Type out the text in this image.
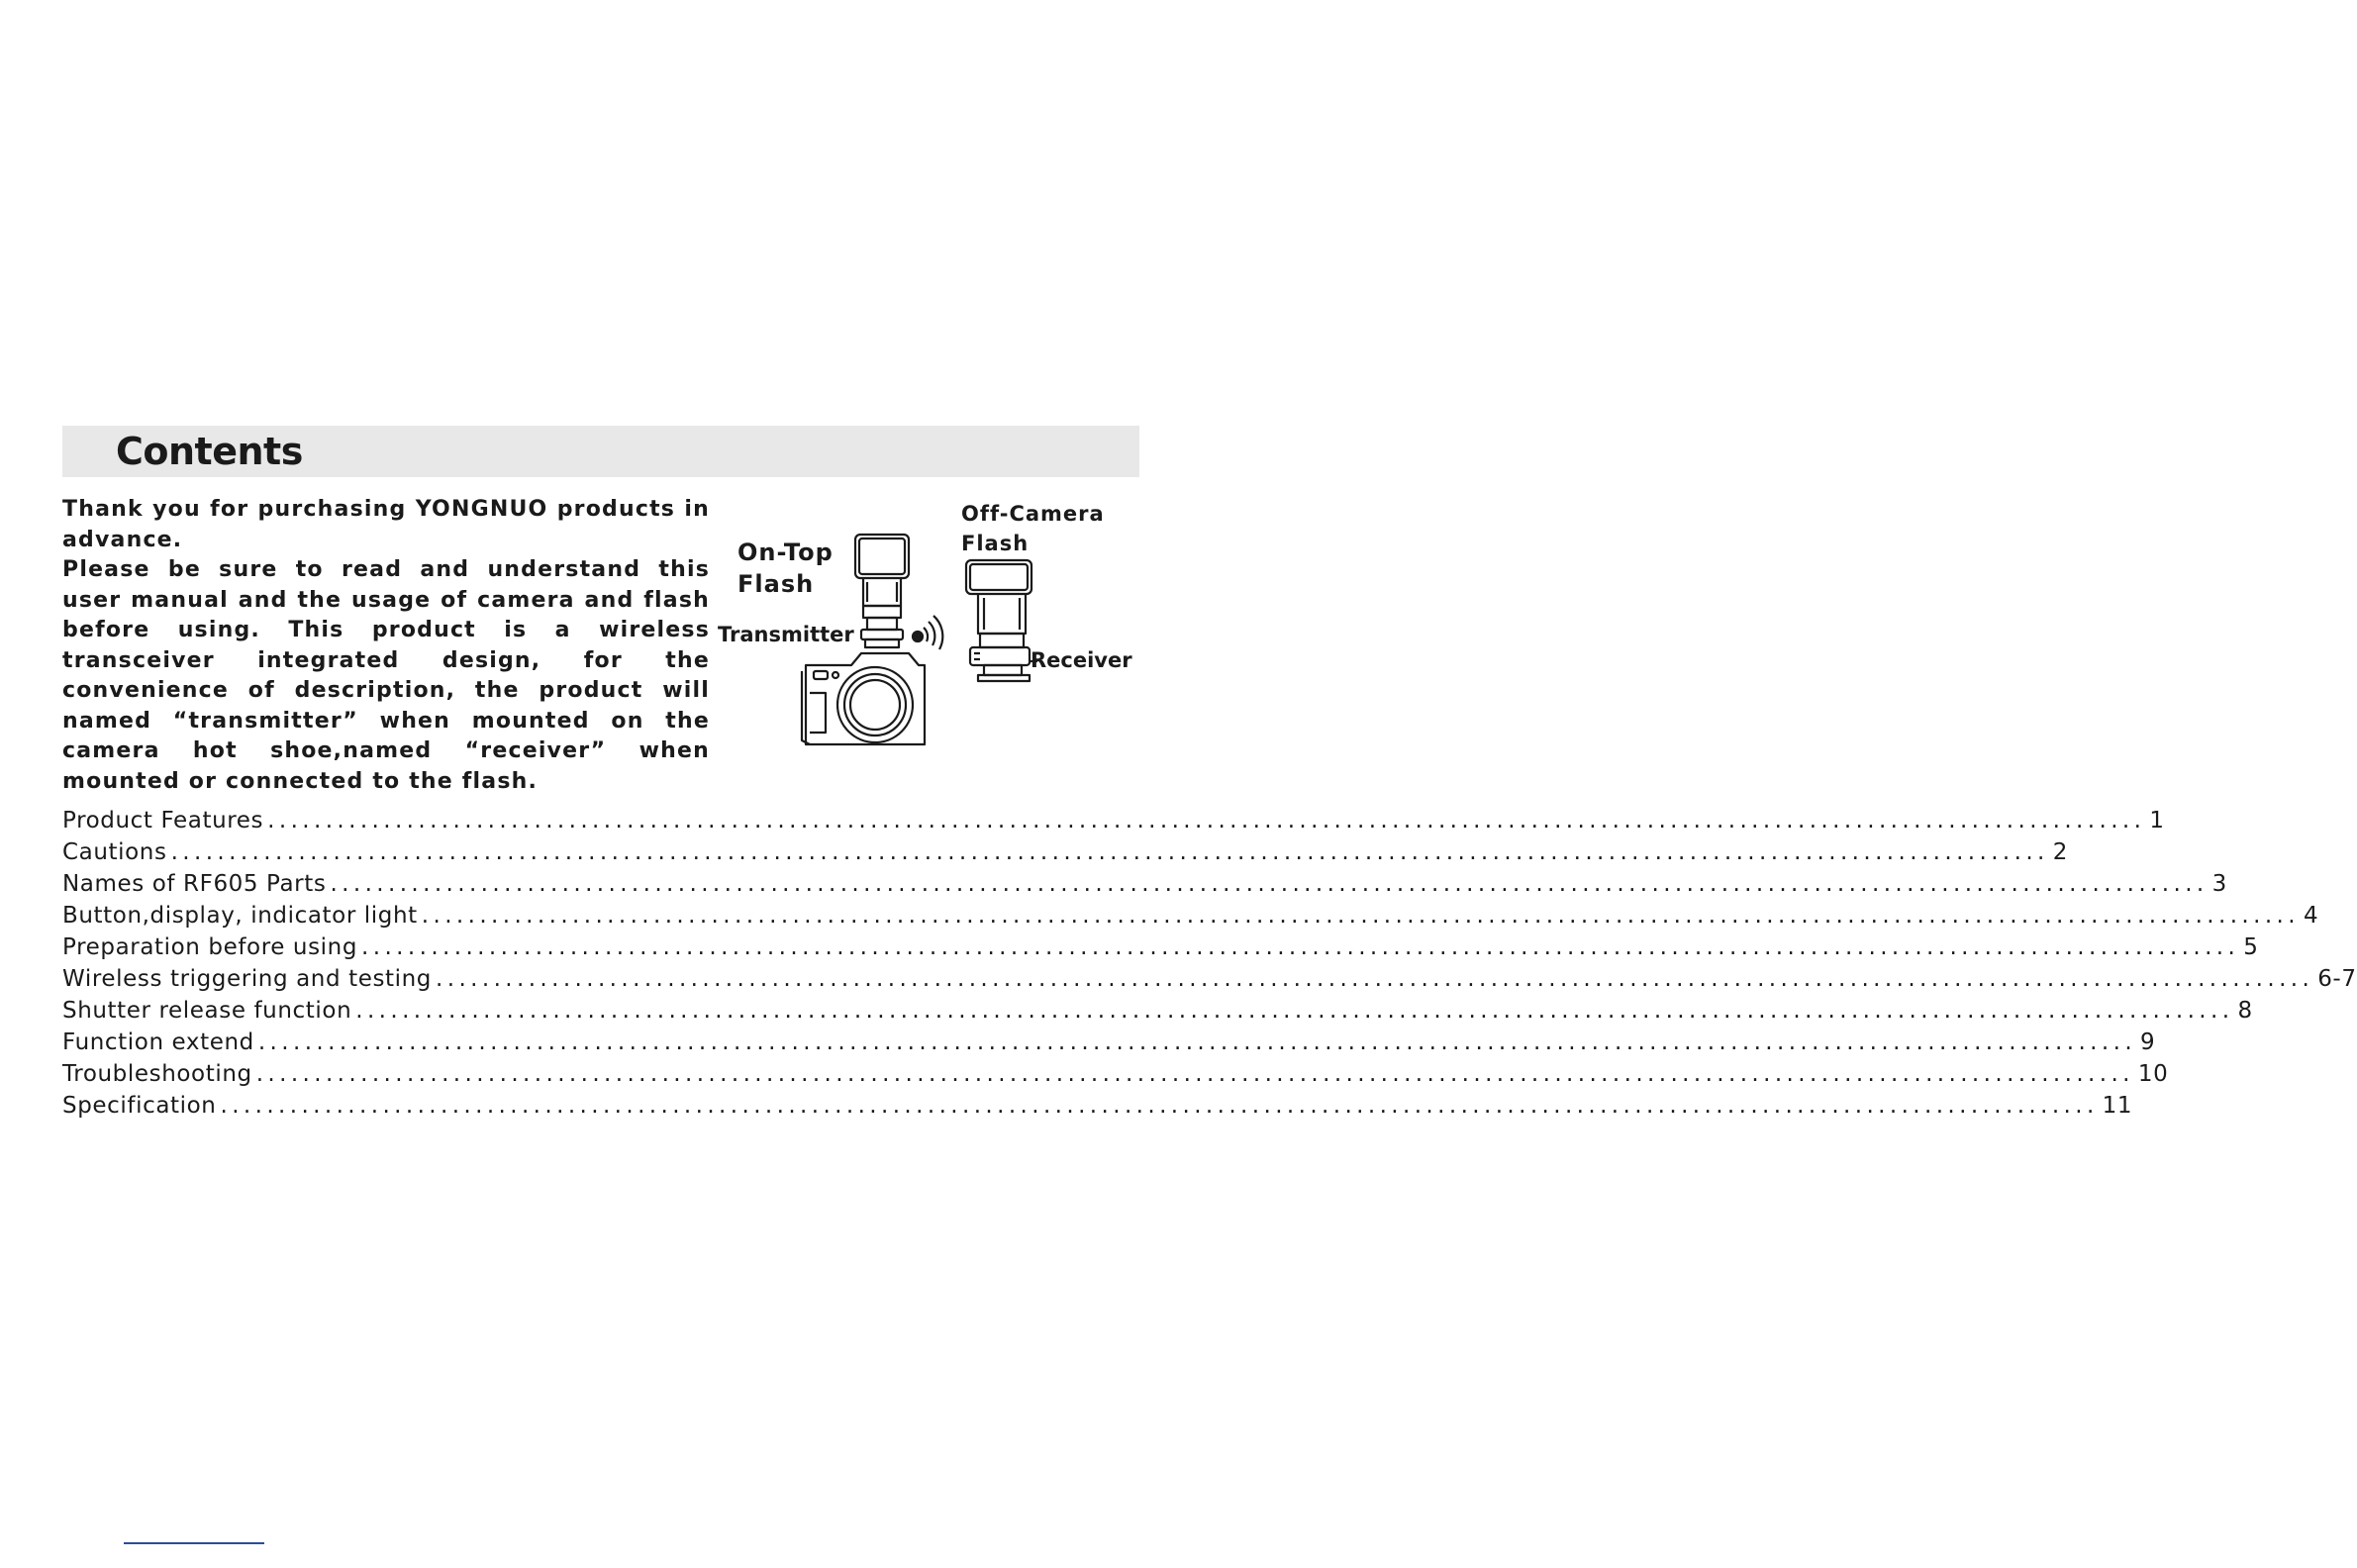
Contents

Thank you for purchasing YONGNUO products in advance.
Please be sure to read and understand this user manual and the usage of camera and flash before using. This product is a wireless transceiver integrated design, for the convenience of description, the product will named “transmitter” when mounted on the camera hot shoe,named “receiver” when mounted or connected to the flash.

Off-Camera Flash
On-Top Flash
Transmitter
Receiver
Product Features .................................................................................................................................................................. 1
Cautions .................................................................................................................................................................. 2
Names of RF605 Parts .................................................................................................................................................................. 3
Button,display, indicator light .................................................................................................................................................................. 4
Preparation before using .................................................................................................................................................................. 5
Wireless triggering and testing .................................................................................................................................................................. 6-7
Shutter release function .................................................................................................................................................................. 8
Function extend .................................................................................................................................................................. 9
Troubleshooting .................................................................................................................................................................. 10
Specification .................................................................................................................................................................. 11
